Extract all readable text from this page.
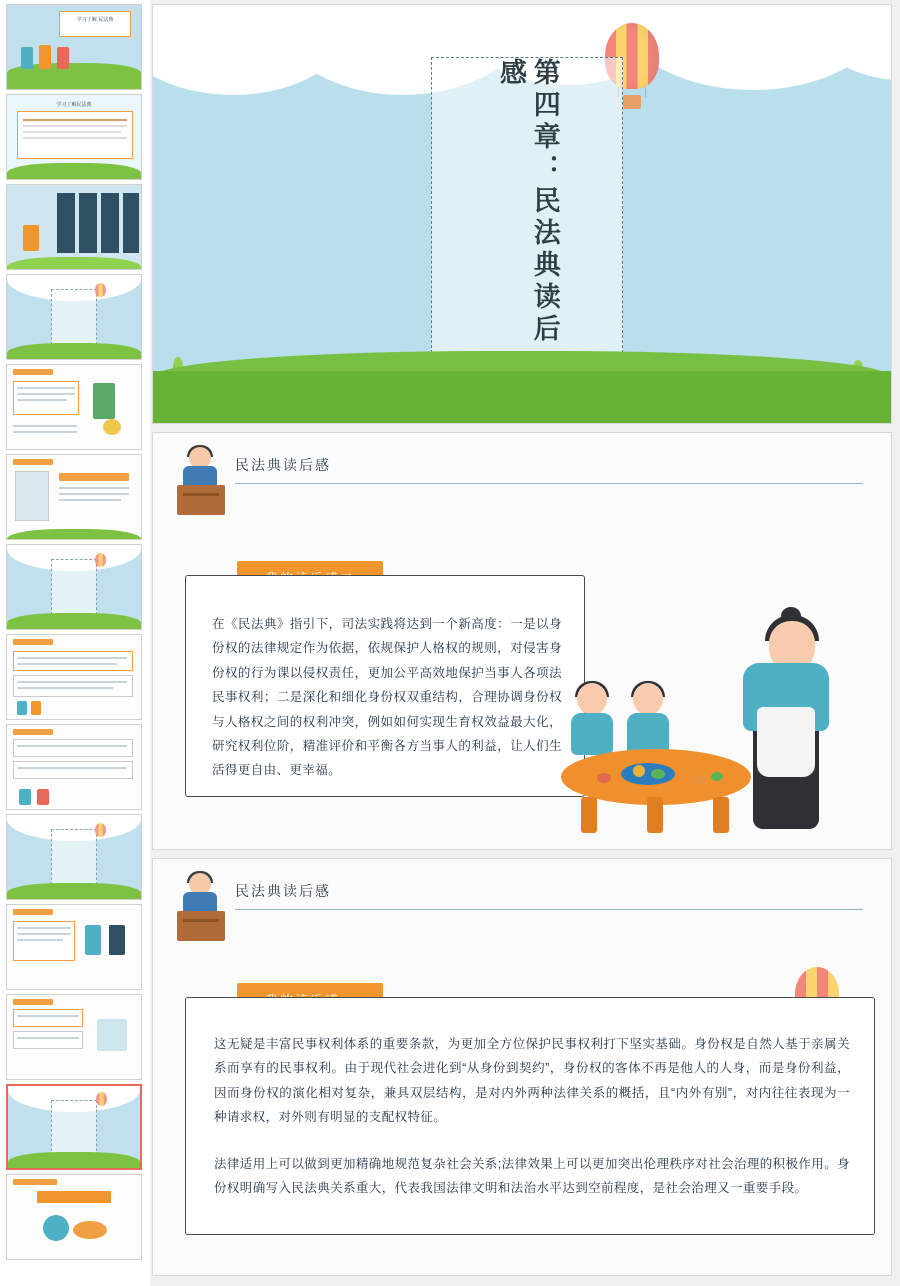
学习了解 民法典
学习了解民法典	第四章：民法典读后感
民法典读后感
在《民法典》指引下，司法实践将达到一个新高度：一是以身份权的法律规定作为依据，依规保护人格权的规则，对侵害身份权的行为课以侵权责任，更加公平高效地保护当事人各项法民事权利；二是深化和细化身份权双重结构，合理协调身份权与人格权之间的权利冲突，例如如何实现生育权效益最大化，研究权利位阶，精准评价和平衡各方当事人的利益，让人们生活得更自由、更幸福。
民法典读后感
这无疑是丰富民事权利体系的重要条款，为更加全方位保护民事权利打下坚实基础。身份权是自然人基于亲属关系而享有的民事权利。由于现代社会进化到“从身份到契约”，身份权的客体不再是他人的人身，而是身份利益，因而身份权的演化相对复杂，兼具双层结构，是对内外两种法律关系的概括，且“内外有别”，对内往往表现为一种请求权，对外则有明显的支配权特征。
法律适用上可以做到更加精确地规范复杂社会关系;法律效果上可以更加突出伦理秩序对社会治理的积极作用。身份权明确写入民法典关系重大，代表我国法律文明和法治水平达到空前程度，是社会治理又一重要手段。
